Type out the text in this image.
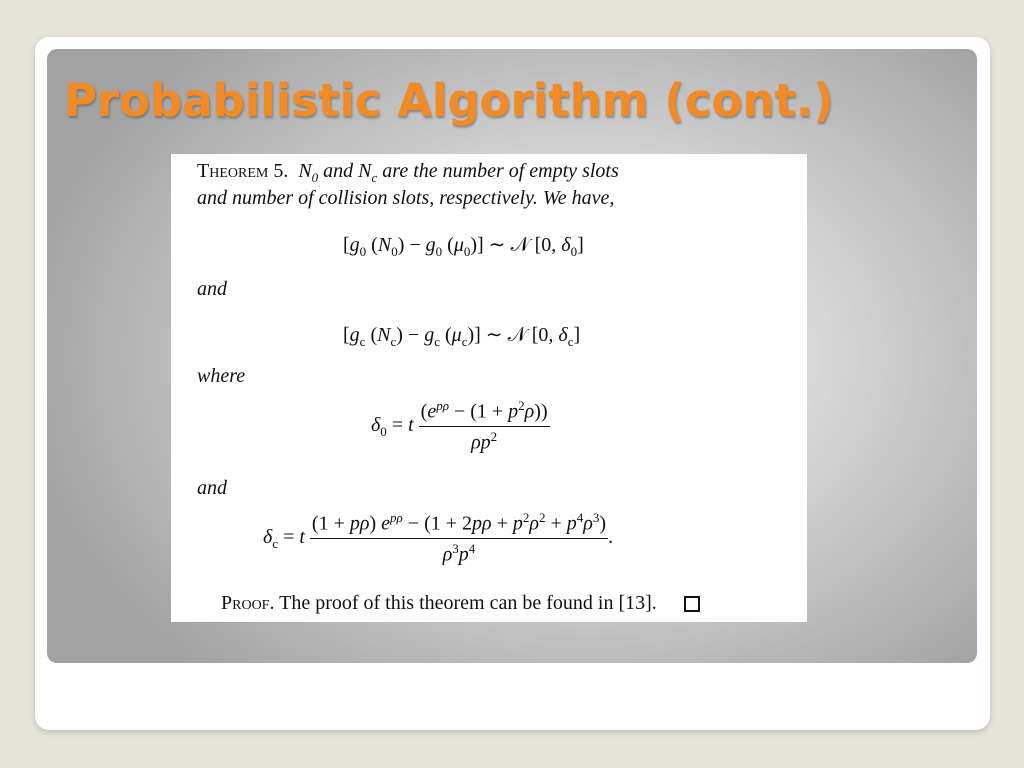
Probabilistic Algorithm (cont.)
Theorem 5.  $N_0$ and $N_c$ are the number of empty slots
and number of collision slots, respectively. We have,
[$g_0$ $(N_0) - g_0$ $(\mu_0)$] ∼ 𝒩 [0, $\delta_0$]
and
[$g_c$ $(N_c) - g_c$ $(\mu_c)$] ∼ 𝒩 [0, $\delta_c$]
where
$\delta_0 = t \frac{(e^{p\rho} - (1 + p^2\rho))}{\rho p^2}$
and
$\delta_c = t \frac{(1 + p\rho) e^{p\rho} - (1 + 2p\rho + p^2\rho^2 + p^4\rho^3)}{\rho^3p^4}$ .
Proof. The proof of this theorem can be found in [13].
